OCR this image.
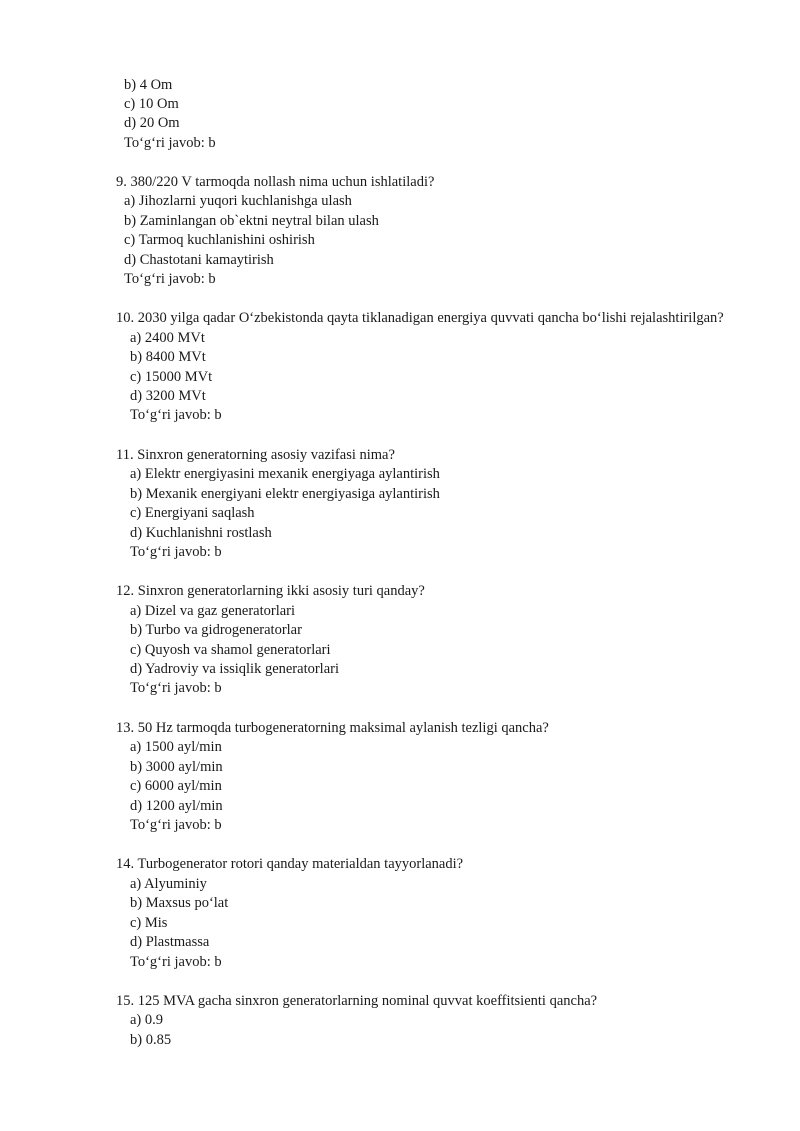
b) 4 Om
c) 10 Om
d) 20 Om
To‘g‘ri javob: b
9. 380/220 V tarmoqda nollash nima uchun ishlatiladi?
a) Jihozlarni yuqori kuchlanishga ulash
b) Zaminlangan ob`ektni neytral bilan ulash
c) Tarmoq kuchlanishini oshirish
d) Chastotani kamaytirish
To‘g‘ri javob: b
10. 2030 yilga qadar O‘zbekistonda qayta tiklanadigan energiya quvvati qancha bo‘lishi rejalashtirilgan?
a) 2400 MVt
b) 8400 MVt
c) 15000 MVt
d) 3200 MVt
To‘g‘ri javob: b
11. Sinxron generatorning asosiy vazifasi nima?
a) Elektr energiyasini mexanik energiyaga aylantirish
b) Mexanik energiyani elektr energiyasiga aylantirish
c) Energiyani saqlash
d) Kuchlanishni rostlash
To‘g‘ri javob: b
12. Sinxron generatorlarning ikki asosiy turi qanday?
a) Dizel va gaz generatorlari
b) Turbo va gidrogeneratorlar
c) Quyosh va shamol generatorlari
d) Yadroviy va issiqlik generatorlari
To‘g‘ri javob: b
13. 50 Hz tarmoqda turbogeneratorning maksimal aylanish tezligi qancha?
a) 1500 ayl/min
b) 3000 ayl/min
c) 6000 ayl/min
d) 1200 ayl/min
To‘g‘ri javob: b
14. Turbogenerator rotori qanday materialdan tayyorlanadi?
a) Alyuminiy
b) Maxsus po‘lat
c) Mis
d) Plastmassa
To‘g‘ri javob: b
15. 125 MVA gacha sinxron generatorlarning nominal quvvat koeffitsienti qancha?
a) 0.9
b) 0.85
